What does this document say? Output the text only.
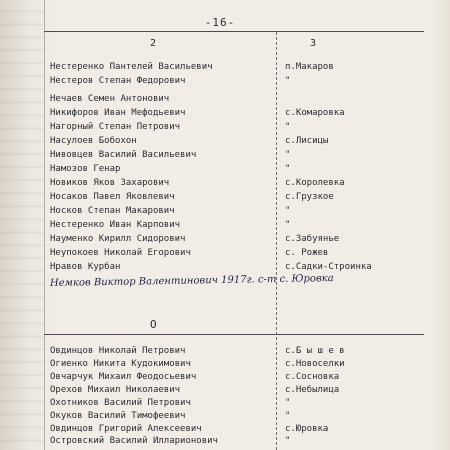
-16-
2	3
Нестеренко Пантелей Васильевич	п.Макаров
Нестеров Степан Федорович	"
Нечаев Семен Антонович
Никифоров Иван Мефодьевич	с.Комаровка
Нагорный Степан Петрович	"
Насулоев Бобохон	с.Лисицы
Нивовцев Василий Васильевич	"
Намозов Генар	"
Новиков Яков Захарович	с.Королевка
Носаков Павел Яковлевич	с.Грузкое
Носков Степан Макарович	"
Нестеренко Иван Карпович	"
Науменко Кирилл Сидорович	с.Забуянье
Неупокоев Николай Егорович	с. Рожев
Нравов Курбан	с.Садки-Строинка
Немков Виктор Валентинович 1917г. с-т с. Юровка
О
Овдинцов Николай Петрович	с.Б ы ш е в
Огиенко Никита Кудокимович	с.Новоселки
Овчарчук Михаил Феодосьевич	с.Сосновка
Орехов Михаил Николаевич	с.Небылица
Охотников Василий Петрович	"
Окуков Василий Тимофеевич	"
Овдинцов Григорий Алексеевич	с.Юровка
Островский Василий Илларионович	"
